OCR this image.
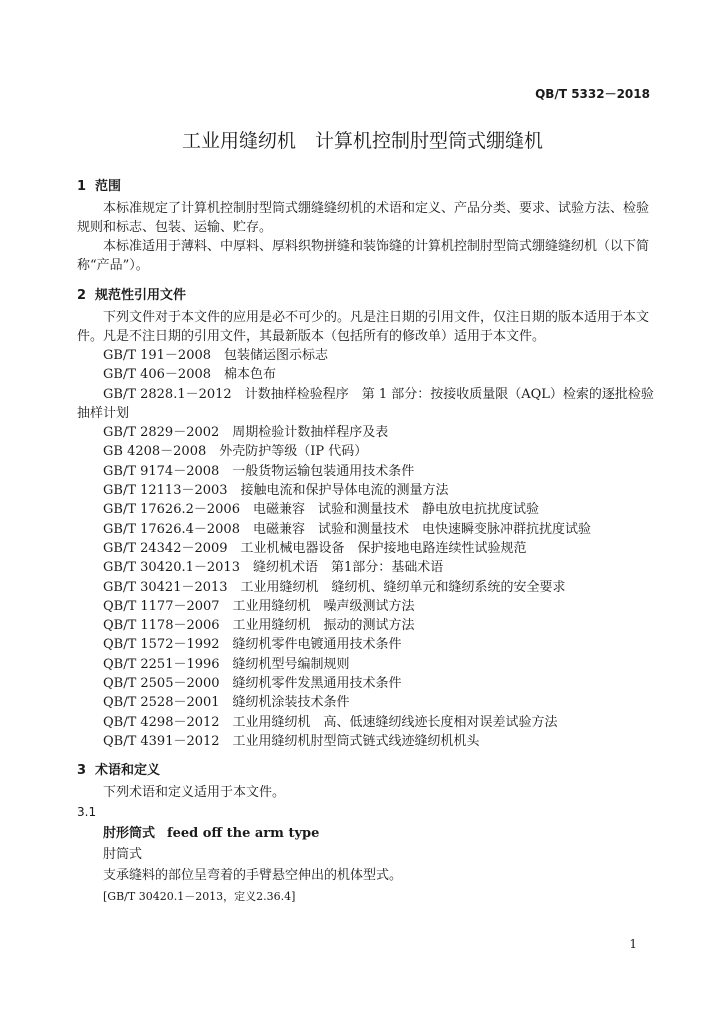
QB/T 5332－2018
工业用缝纫机　计算机控制肘型筒式绷缝机
1 范围

本标准规定了计算机控制肘型筒式绷缝缝纫机的术语和定义、产品分类、要求、试验方法、检验规则和标志、包装、运输、贮存。

本标准适用于薄料、中厚料、厚料织物拼缝和装饰缝的计算机控制肘型筒式绷缝缝纫机（以下简称“产品”）。

2 规范性引用文件

下列文件对于本文件的应用是必不可少的。凡是注日期的引用文件，仅注日期的版本适用于本文件。凡是不注日期的引用文件，其最新版本（包括所有的修改单）适用于本文件。

GB/T 191－2008　包装储运图示标志

GB/T 406－2008　棉本色布

GB/T 2828.1－2012　计数抽样检验程序　第 1 部分：按接收质量限（AQL）检索的逐批检验抽样计划

GB/T 2829－2002　周期检验计数抽样程序及表

GB 4208－2008　外壳防护等级（IP 代码）

GB/T 9174－2008　一般货物运输包装通用技术条件

GB/T 12113－2003　接触电流和保护导体电流的测量方法

GB/T 17626.2－2006　电磁兼容　试验和测量技术　静电放电抗扰度试验

GB/T 17626.4－2008　电磁兼容　试验和测量技术　电快速瞬变脉冲群抗扰度试验

GB/T 24342－2009　工业机械电器设备　保护接地电路连续性试验规范

GB/T 30420.1－2013　缝纫机术语　第1部分：基础术语

GB/T 30421－2013　工业用缝纫机　缝纫机、缝纫单元和缝纫系统的安全要求

QB/T 1177－2007　工业用缝纫机　噪声级测试方法

QB/T 1178－2006　工业用缝纫机　振动的测试方法

QB/T 1572－1992　缝纫机零件电镀通用技术条件

QB/T 2251－1996　缝纫机型号编制规则

QB/T 2505－2000　缝纫机零件发黑通用技术条件

QB/T 2528－2001　缝纫机涂装技术条件

QB/T 4298－2012　工业用缝纫机　高、低速缝纫线迹长度相对误差试验方法

QB/T 4391－2012　工业用缝纫机肘型筒式链式线迹缝纫机机头

3 术语和定义

下列术语和定义适用于本文件。

3.1

肘形筒式 feed off the arm type

肘筒式

支承缝料的部位呈弯着的手臂悬空伸出的机体型式。

[GB/T 30420.1－2013，定义2.36.4]

1
